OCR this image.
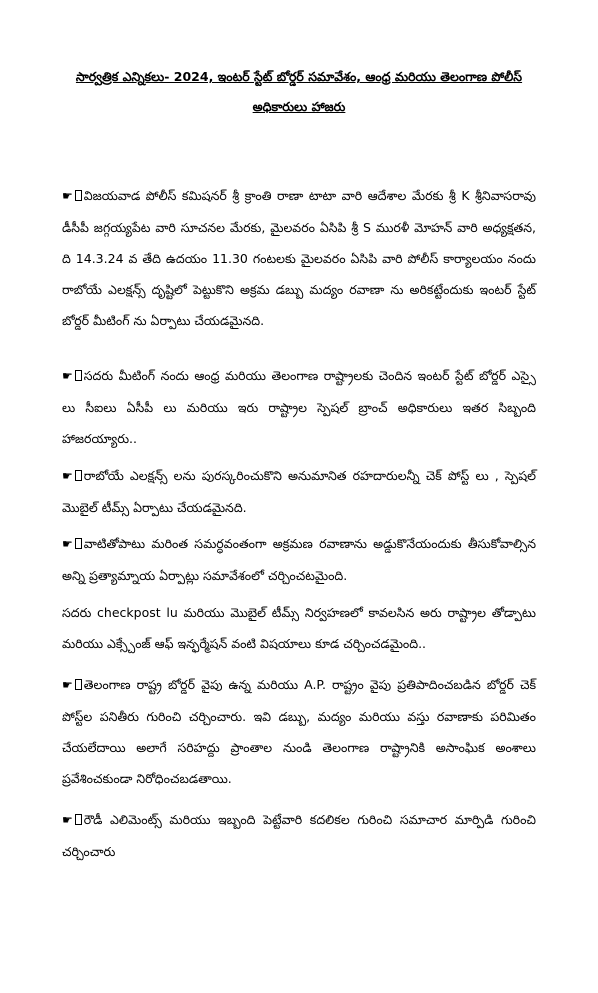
సార్వత్రిక ఎన్నికలు- 2024, ఇంటర్ స్టేట్ బోర్డర్ సమావేశం, ఆంధ్ర మరియు తెలంగాణ పోలీస్ అధికారులు హాజరు

☛ విజయవాడ పోలీస్ కమిషనర్ శ్రీ క్రాంతి రాణా టాటా వారి ఆదేశాల మేరకు శ్రీ K శ్రీనివాసరావు డీసీపీ జగ్గయ్యపేట వారి సూచనల మేరకు, మైలవరం ఏసిపి శ్రీ S మురళీ మోహన్ వారి అధ్యక్షతన, ది 14.3.24 వ తేది ఉదయం 11.30 గంటలకు మైలవరం ఏసిపి వారి పోలీస్ కార్యాలయం నందు రాబోయే ఎలక్షన్స్ దృష్టిలో పెట్టుకొని అక్రమ డబ్బు మద్యం రవాణా ను అరికట్టేందుకు ఇంటర్ స్టేట్ బోర్డర్ మీటింగ్ ను ఏర్పాటు చేయడమైనది.

☛ సదరు మీటింగ్ నందు ఆంధ్ర మరియు తెలంగాణ రాష్ట్రాలకు చెందిన ఇంటర్ స్టేట్ బోర్డర్ ఎస్సై లు సీఐలు ఏసీపీ లు మరియు ఇరు రాష్ట్రాల స్పెషల్ బ్రాంచ్ అధికారులు ఇతర సిబ్బంది హాజరయ్యారు..

☛ రాబోయే ఎలక్షన్స్ లను పురస్కరించుకొని అనుమానిత రహదారులన్నీ చెక్ పోస్ట్ లు , స్పెషల్ మొబైల్ టీమ్స్ ఏర్పాటు చేయడమైనది.

☛ వాటితోపాటు మరింత సమర్ధవంతంగా అక్రమణ రవాణాను అడ్డుకొనేయందుకు తీసుకోవాల్సిన అన్ని ప్రత్యామ్నాయ ఏర్పాట్లు సమావేశంలో చర్చించటమైంది.

సదరు checkpost lu మరియు మొబైల్ టీమ్స్ నిర్వహణలో కావలసిన అరు రాష్ట్రాల తోడ్పాటు మరియు ఎక్స్చేంజ్ ఆఫ్ ఇన్ఫర్మేషన్ వంటి విషయాలు కూడ చర్చించడమైంది..

☛ తెలంగాణ రాష్ట్ర బోర్డర్ వైపు ఉన్న మరియు A.P. రాష్ట్రం వైపు ప్రతిపాదించబడిన బోర్డర్ చెక్ పోస్ట్‌ల పనితీరు గురించి చర్చించారు. ఇవి డబ్బు, మద్యం మరియు వస్తు రవాణాకు పరిమితం చేయలేదాయి అలాగే సరిహద్దు ప్రాంతాల నుండి తెలంగాణ రాష్ట్రానికి అసాంఘిక అంశాలు ప్రవేశించకుండా నిరోధించబడతాయి.

☛ రౌడీ ఎలిమెంట్స్ మరియు ఇబ్బంది పెట్టేవారి కదలికల గురించి సమాచార మార్పిడి గురించి చర్చించారు
